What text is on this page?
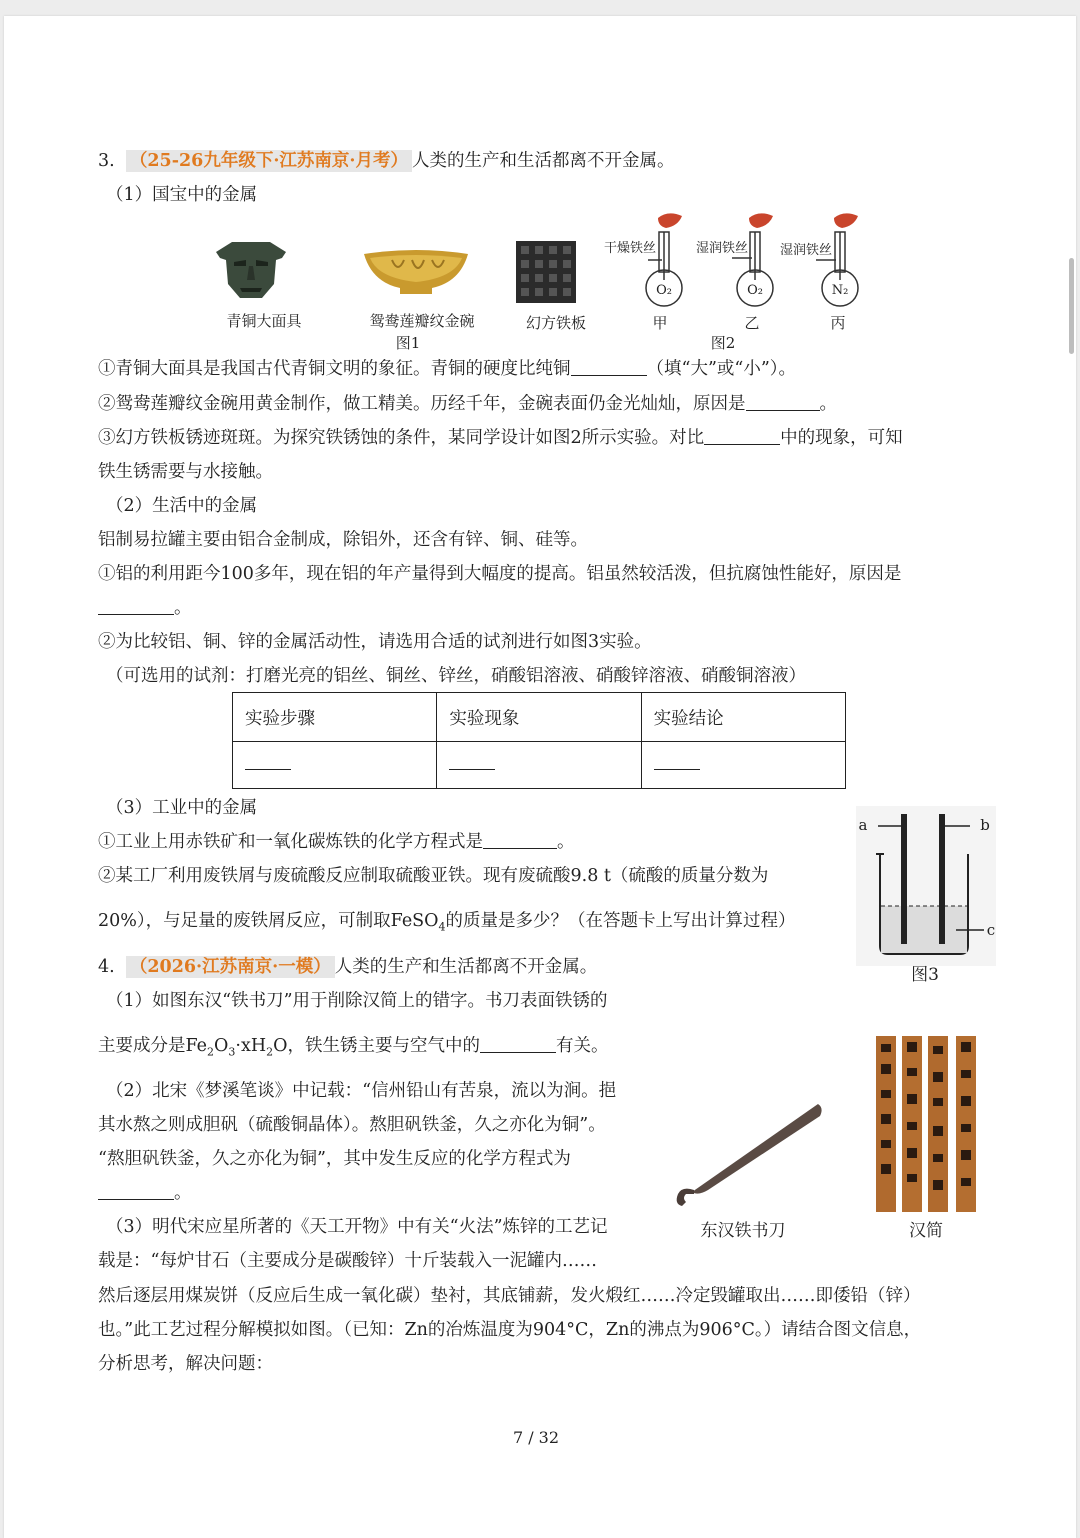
3. （25-26九年级下·江苏南京·月考） 人类的生产和生活都离不开金属。
（1）国宝中的金属
青铜大面具	鸳鸯莲瓣纹金碗	幻方铁板
图1
干燥铁丝	湿润铁丝 湿润铁丝
O₂	O₂	N₂
甲	乙	丙
图2
①青铜大面具是我国古代青铜文明的象征。青铜的硬度比纯铜	（填“大”或“小”）。
②鸳鸯莲瓣纹金碗用黄金制作，做工精美。历经千年，金碗表面仍金光灿灿，原因是	。
③幻方铁板锈迹斑斑。为探究铁锈蚀的条件，某同学设计如图2所示实验。对比	中的现象，可知
铁生锈需要与水接触。
（2）生活中的金属
铝制易拉罐主要由铝合金制成，除铝外，还含有锌、铜、硅等。
①铝的利用距今100多年，现在铝的年产量得到大幅度的提高。铝虽然较活泼，但抗腐蚀性能好，原因是
。
②为比较铝、铜、锌的金属活动性，请选用合适的试剂进行如图3实验。
（可选用的试剂：打磨光亮的铝丝、铜丝、锌丝，硝酸铝溶液、硝酸锌溶液、硝酸铜溶液）
实验步骤	实验现象	实验结论

（3）工业中的金属
①工业上用赤铁矿和一氧化碳炼铁的化学方程式是	。
②某工厂利用废铁屑与废硫酸反应制取硫酸亚铁。现有废硫酸9.8 t（硫酸的质量分数为
20%），与足量的废铁屑反应，可制取FeSO$_4$的质量是多少？（在答题卡上写出计算过程）
a	b
c
图3
4. （2026·江苏南京·一模） 人类的生产和生活都离不开金属。
（1）如图东汉“铁书刀”用于削除汉简上的错字。书刀表面铁锈的
主要成分是$Fe_2O_3\cdot xH_2O$，铁生锈主要与空气中的	有关。
（2）北宋《梦溪笔谈》中记载：“信州铅山有苦泉，流以为涧。挹
其水熬之则成胆矾（硫酸铜晶体）。熬胆矾铁釜，久之亦化为铜”。
“熬胆矾铁釜，久之亦化为铜”，其中发生反应的化学方程式为
。
（3）明代宋应星所著的《天工开物》中有关“火法”炼锌的工艺记
载是：“每炉甘石（主要成分是碳酸锌）十斤装载入一泥罐内……
然后逐层用煤炭饼（反应后生成一氧化碳）垫衬，其底铺薪，发火煅红……冷定毁罐取出……即倭铅（锌）
也。”此工艺过程分解模拟如图。（已知：Zn的冶炼温度为904°C，Zn的沸点为906°C。）请结合图文信息，
分析思考，解决问题：
东汉铁书刀	汉简
7 / 32
